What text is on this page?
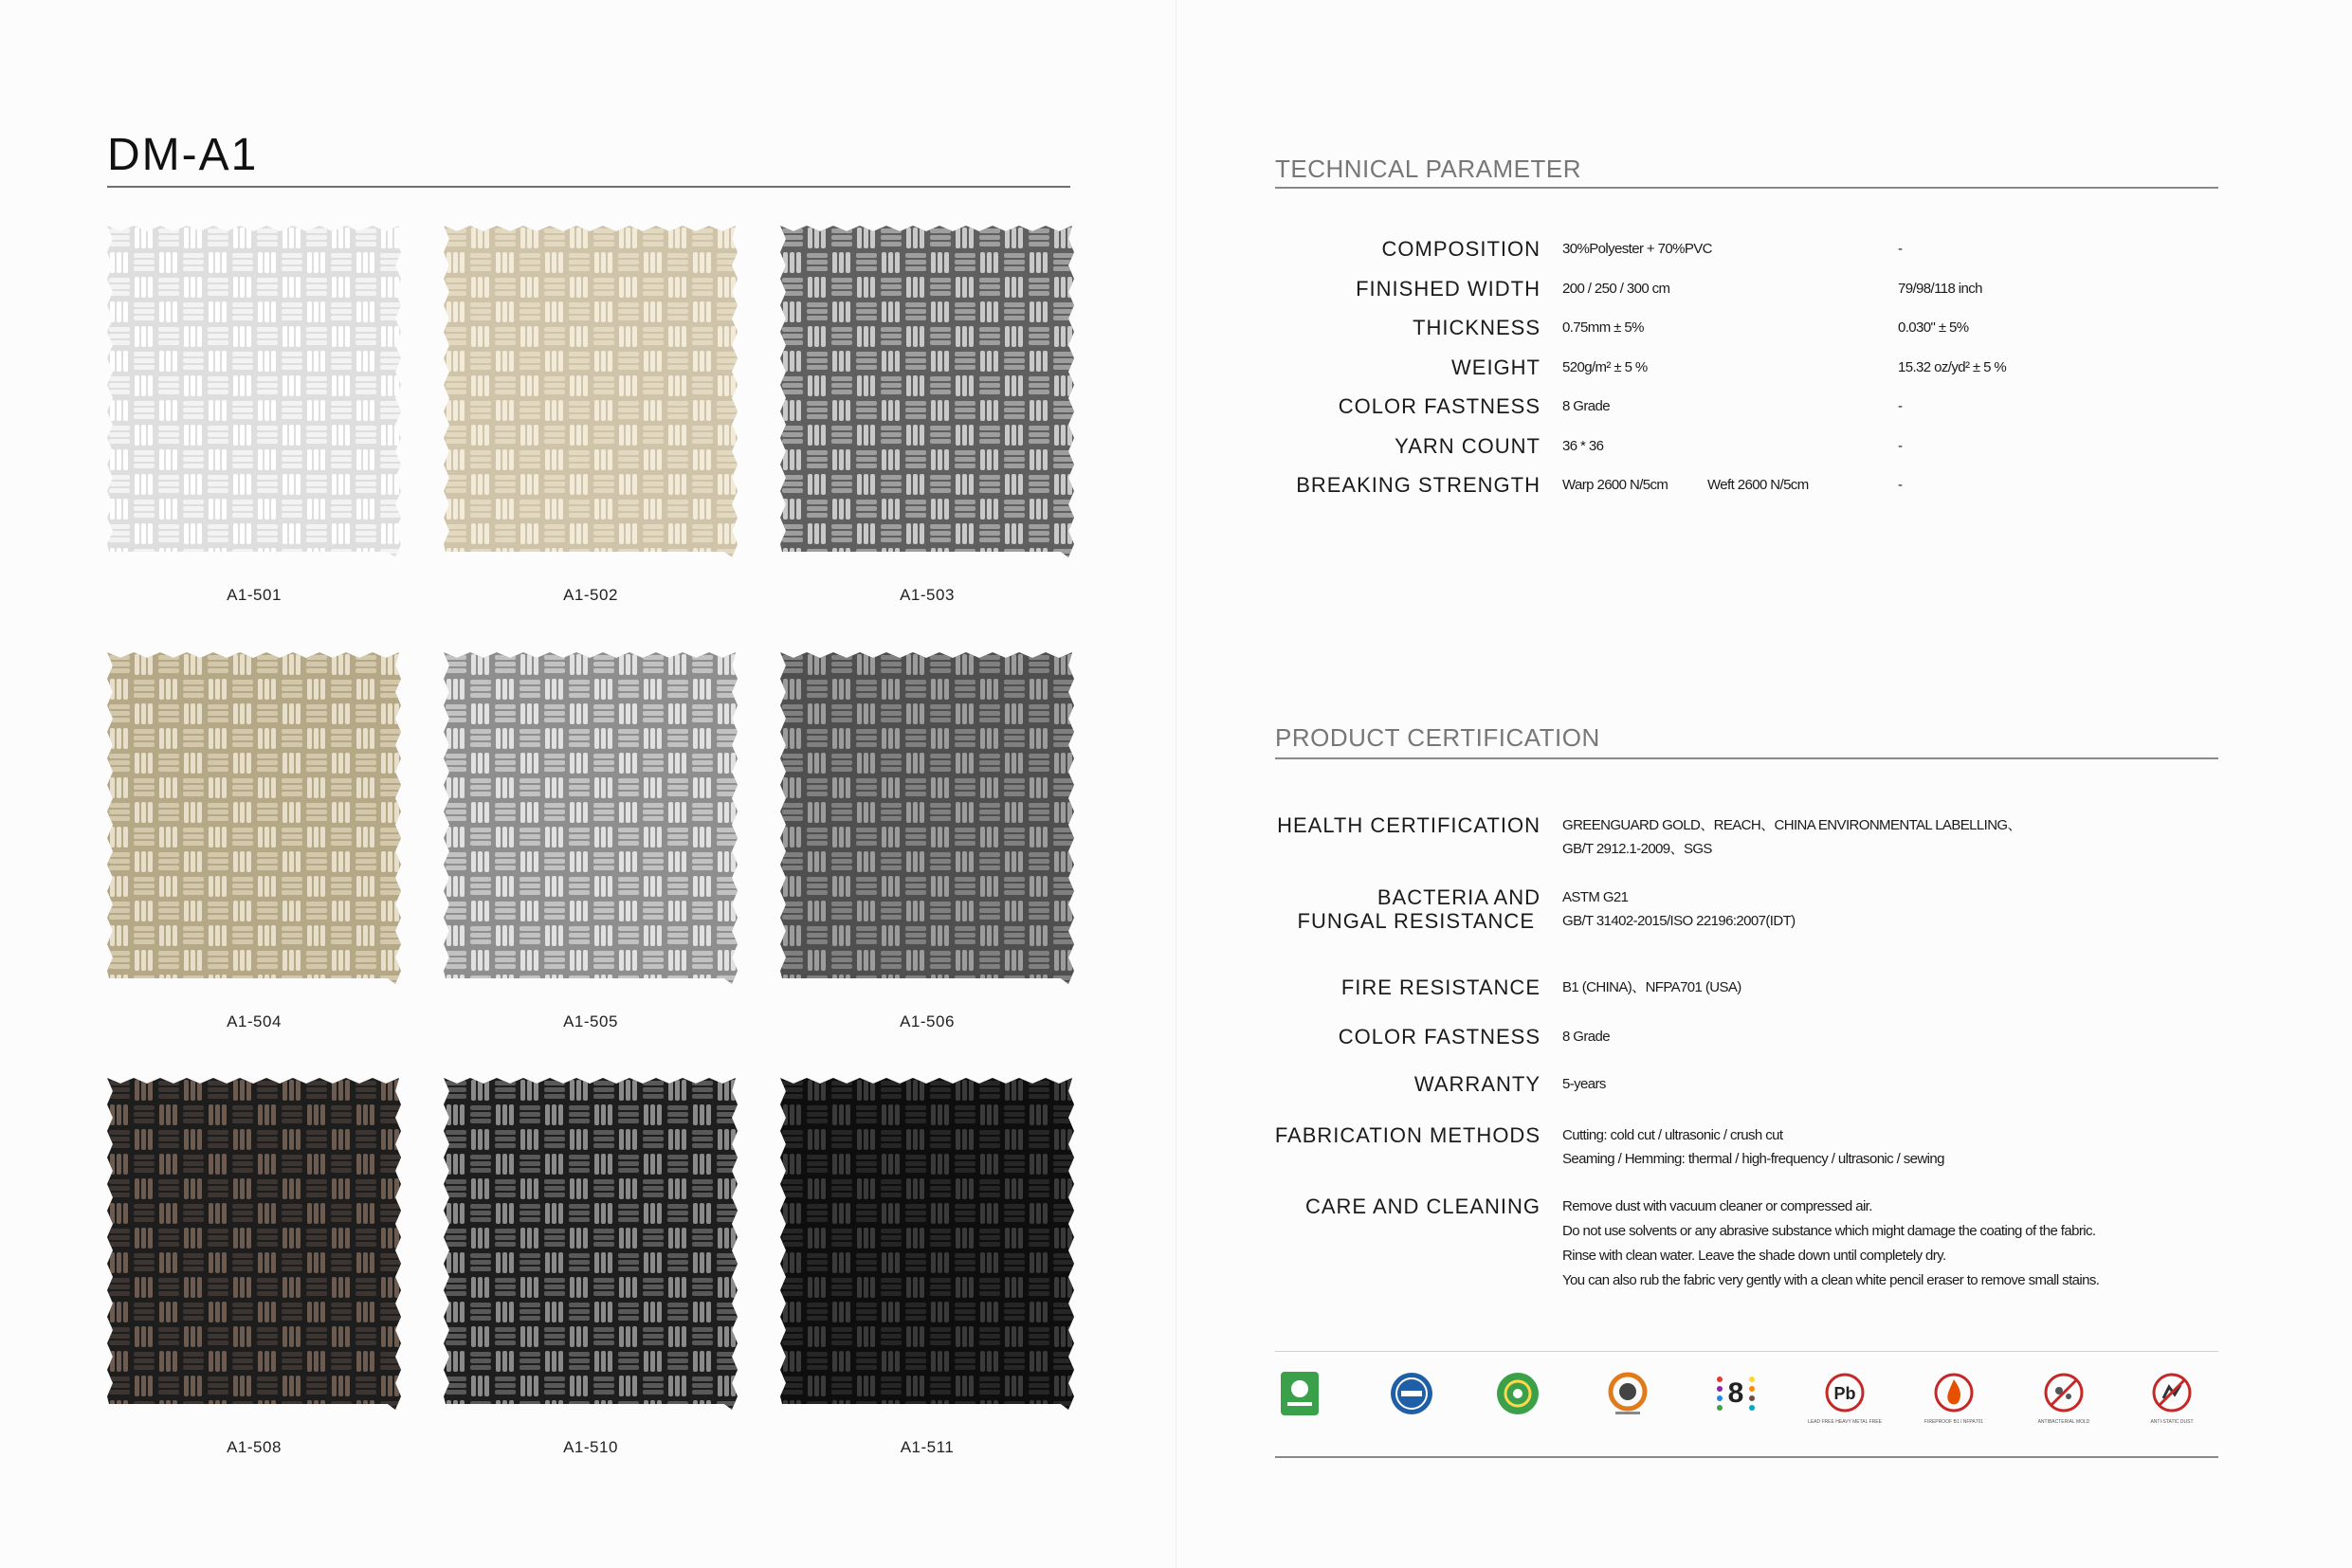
DM-A1
A1-501	A1-502	A1-503
A1-504	A1-505	A1-506
A1-508	A1-510	A1-511
TECHNICAL PARAMETER
COMPOSITION 30%Polyester + 70%PVC	-
FINISHED WIDTH 200 / 250 / 300 cm	79/98/118 inch
THICKNESS 0.75mm ± 5%	0.030" ± 5%
WEIGHT 520g/m² ± 5 %	15.32 oz/yd² ± 5 %
COLOR FASTNESS 8 Grade	-
YARN COUNT 36 * 36	-
BREAKING STRENGTH Warp 2600 N/5cm	Weft 2600 N/5cm	-
PRODUCT CERTIFICATION
HEALTH CERTIFICATION GREENGUARD GOLD、REACH、CHINA ENVIRONMENTAL LABELLING、
GB/T 2912.1-2009、SGS
BACTERIA AND
FUNGAL RESISTANCE
ASTM G21
GB/T 31402-2015/ISO 22196:2007(IDT)
FIRE RESISTANCE B1 (CHINA)、NFPA701 (USA)
COLOR FASTNESS 8 Grade
WARRANTY 5-years
FABRICATION METHODS Cutting: cold cut / ultrasonic / crush cut
Seaming / Hemming: thermal / high-frequency / ultrasonic / sewing
CARE AND CLEANING Remove dust with vacuum cleaner or compressed air.
Do not use solvents or any abrasive substance which might damage the coating of the fabric.
Rinse with clean water. Leave the shade down until completely dry.
You can also rub the fabric very gently with a clean white pencil eraser to remove small stains.
8	Pb
LEAD FREE HEAVY METAL FREE	FIREPROOF B1 / NFPA701	ANTIBACTERIAL MOLD	ANTI-STATIC DUST
